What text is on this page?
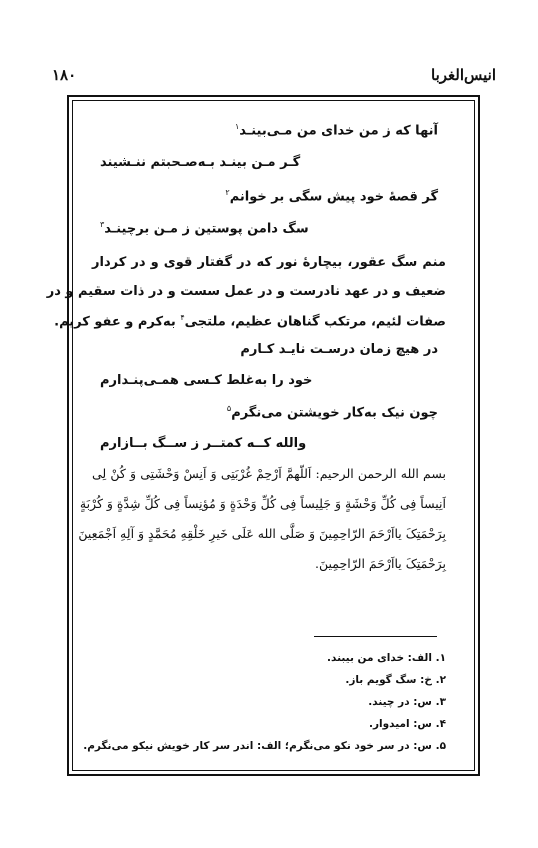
انیس‌الغربا
۱۸۰
آنها که ز من خدای من مـی‌بینـد$^۱$
گـر مـن بینـد بـه‌صـحبتم ننـشیند
گر قصهٔ خود پیش سگی بر خوانم$^۲$
سگ دامن پوستین ز مـن برچینـد$^۳$
منم سگ عقور، بیچارهٔ نور که در گفتار قوی و در کردار
ضعیف و در عهد نادرست و در عمل سست و در ذات سقیم و در
صفات لئیم، مرتکب گناهان عظیم، ملتجی$^۴$ به‌کرم و عفو کریم.
در هیچ زمان درسـت نایـد کـارم
خود را به‌غلط کـسی همـی‌پنـدارم
چون نیک به‌کار خویشتن می‌نگرم$^۵$
والله کــه کمتــر ز ســگ بــازارم
بسم الله الرحمن الرحیم: اَللّهمَّ اَرْحِمْ غُرْبَتِی وَ اَنِسْ وَحْشَتِی وَ کُنْ لِی
اَنِیساً فِی کُلِّ وَحْشَةٍ وَ جَلِیساً فِی کُلِّ وَحْدَةٍ وَ مُؤنِساً فِی کُلِّ شِدَّةٍ وَ کُرْبَةٍ
بِرَحْمَتِکَ یااَرْحَمَ الرّاحِمِینَ وَ صَلَّی الله عَلَی خَیرِ خَلْقِهِ مُحَمَّدٍ وَ آلِهِ اَجْمَعِینَ
بِرَحْمَتِکَ یااَرْحَمَ الرّاحِمِینَ.
۱. الف: خدای من بیبند.
۲. خ: سگ گویم باز.
۳. س: در چیند.
۴. س: امیدوار.
۵. س: در سر خود نکو می‌نگرم؛ الف: اندر سر کار خویش نیکو می‌نگرم.
